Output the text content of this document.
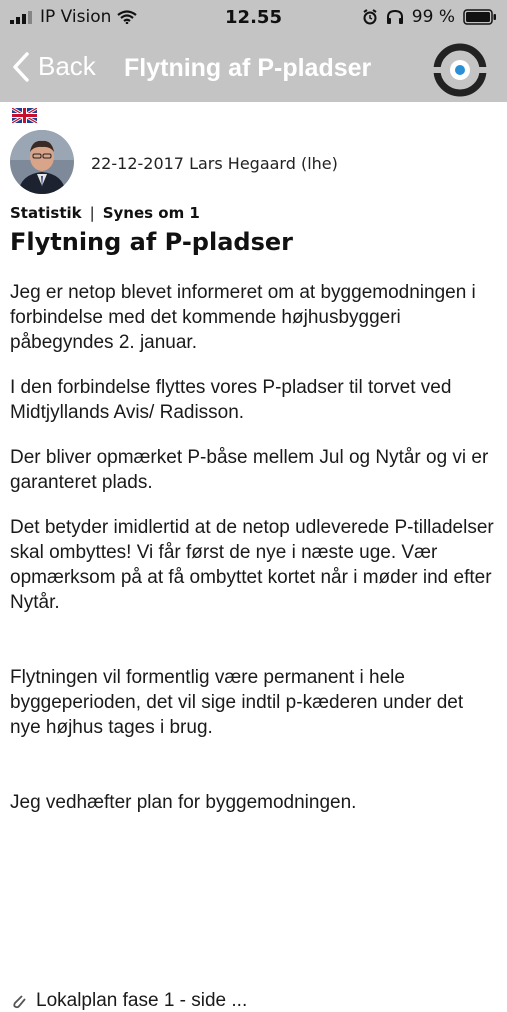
IP Vision	12.55	99 %
Back Flytning af P-pladser
22-12-2017 Lars Hegaard (lhe)
Statistik | Synes om 1
Flytning af P-pladser

Jeg er netop blevet informeret om at byggemodningen i forbindelse med det kommende højhusbyggeri påbegyndes 2. januar.

I den forbindelse flyttes vores P-pladser til torvet ved Midtjyllands Avis/ Radisson.

Der bliver opmærket P-båse mellem Jul og Nytår og vi er garanteret plads.

Det betyder imidlertid at de netop udleverede P-tilladelser skal ombyttes! Vi får først de nye i næste uge. Vær opmærksom på at få ombyttet kortet når i møder ind efter Nytår.

Flytningen vil formentlig være permanent i hele byggeperioden, det vil sige indtil p-kæderen under det nye højhus tages i brug.

Jeg vedhæfter plan for byggemodningen.

Lokalplan fase 1 - side ...
